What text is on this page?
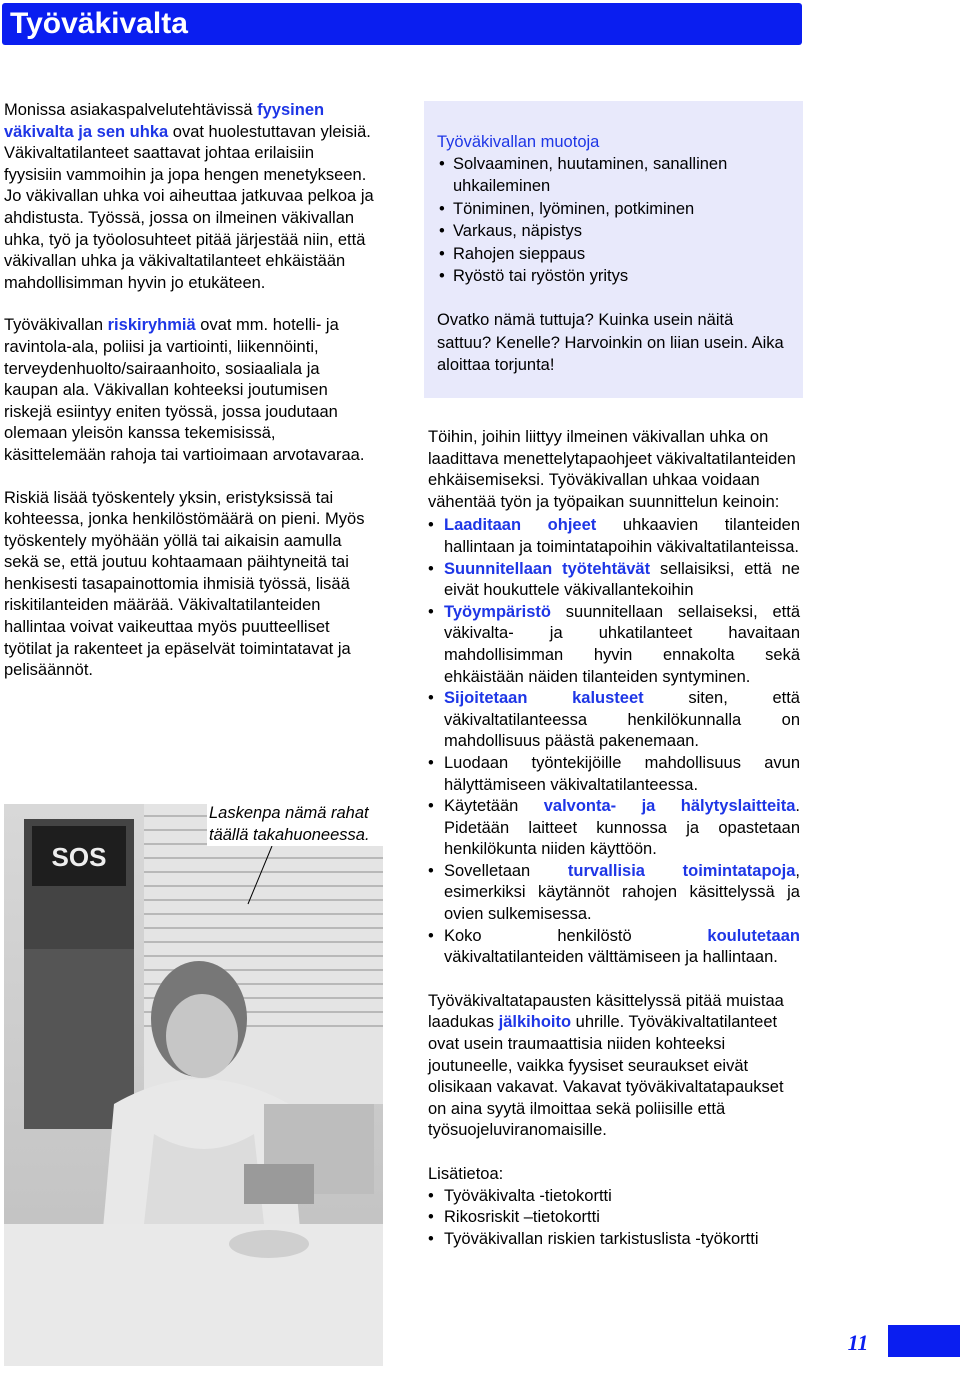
Työväkivalta

Monissa asiakaspalvelutehtävissä fyysinen väkivalta ja sen uhka ovat huolestuttavan yleisiä. Väkivaltatilanteet saattavat johtaa erilaisiin fyysisiin vammoihin ja jopa hengen menetykseen. Jo väkivallan uhka voi aiheuttaa jatkuvaa pelkoa ja ahdistusta. Työssä, jossa on ilmeinen väkivallan uhka, työ ja työolosuhteet pitää järjestää niin, että väkivallan uhka ja väkivaltatilanteet ehkäistään mahdollisimman hyvin jo etukäteen.

Työväkivallan riskiryhmiä ovat mm. hotelli- ja ravintola-ala, poliisi ja vartiointi, liikennöinti, terveydenhuolto/sairaanhoito, sosiaaliala ja kaupan ala. Väkivallan kohteeksi joutumisen riskejä esiintyy eniten työssä, jossa joudutaan olemaan yleisön kanssa tekemisissä, käsittelemään rahoja tai vartioimaan arvotavaraa.

Riskiä lisää työskentely yksin, eristyksissä tai kohteessa, jonka henkilöstömäärä on pieni. Myös työskentely myöhään yöllä tai aikaisin aamulla sekä se, että joutuu kohtaamaan päihtyneitä tai henkisesti tasapainottomia ihmisiä työssä, lisää riskitilanteiden määrää. Väkivaltatilanteiden hallintaa voivat vaikeuttaa myös puutteelliset työtilat ja rakenteet ja epäselvät toimintatavat ja pelisäännöt.

Työväkivallan muotoja
• Solvaaminen, huutaminen, sanallinen uhkaileminen
• Töniminen, lyöminen, potkiminen
• Varkaus, näpistys
• Rahojen sieppaus
• Ryöstö tai ryöstön yritys

Ovatko nämä tuttuja? Kuinka usein näitä sattuu? Kenelle? Harvoinkin on liian usein. Aika aloittaa torjunta!

Töihin, joihin liittyy ilmeinen väkivallan uhka on laadittava menettelytapaohjeet väkivaltatilanteiden ehkäisemiseksi. Työväkivallan uhkaa voidaan vähentää työn ja työpaikan suunnittelun keinoin:

• Laaditaan ohjeet uhkaavien tilanteiden hallintaan ja toimintatapoihin väkivaltatilanteissa.
• Suunnitellaan työtehtävät sellaisiksi, että ne eivät houkuttele väkivallantekoihin
• Työympäristö suunnitellaan sellaiseksi, että väkivalta- ja uhkatilanteet havaitaan mahdollisimman hyvin ennakolta sekä ehkäistään näiden tilanteiden syntyminen.
• Sijoitetaan kalusteet siten, että väkivaltatilanteessa henkilökunnalla on mahdollisuus päästä pakenemaan.
• Luodaan työntekijöille mahdollisuus avun hälyttämiseen väkivaltatilanteessa.
• Käytetään valvonta- ja hälytyslaitteita. Pidetään laitteet kunnossa ja opastetaan henkilökunta niiden käyttöön.
• Sovelletaan turvallisia toimintatapoja, esimerkiksi käytännöt rahojen käsittelyssä ja ovien sulkemisessa.
• Koko henkilöstö koulutetaan väkivaltatilanteiden välttämiseen ja hallintaan.

Työväkivaltatapausten käsittelyssä pitää muistaa laadukas jälkihoito uhrille. Työväkivaltatilanteet ovat usein traumaattisia niiden kohteeksi joutuneelle, vaikka fyysiset seuraukset eivät olisikaan vakavat. Vakavat työväkivaltatapaukset on aina syytä ilmoittaa sekä poliisille että työsuojeluviranomaisille.

Lisätietoa:

• Työväkivalta -tietokortti
• Rikosriskit –tietokortti
• Työväkivallan riskien tarkistuslista -työkortti
SOS
Laskenpa nämä rahat täällä takahuoneessa.
11
